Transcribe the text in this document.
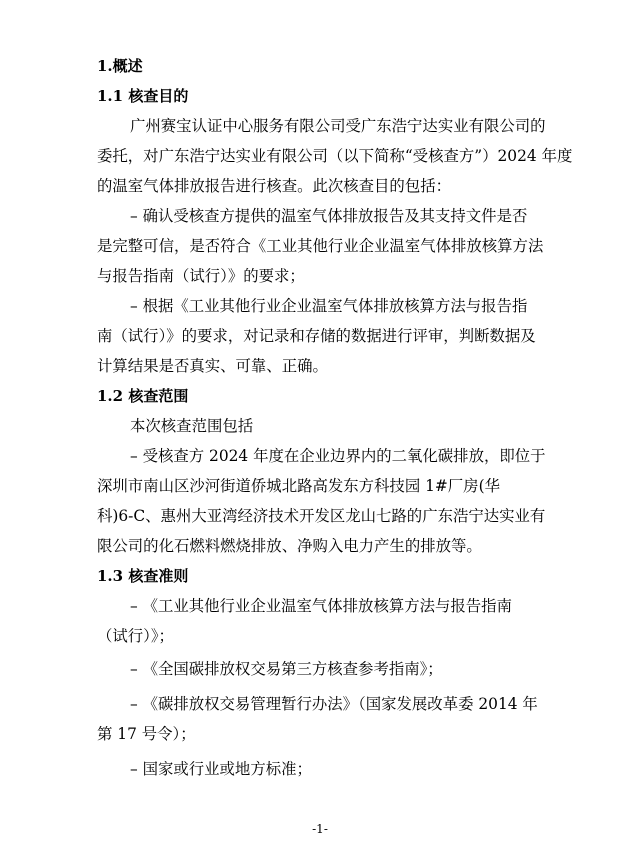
1.概述

1.1 核查目的

广州赛宝认证中心服务有限公司受广东浩宁达实业有限公司的

委托，对广东浩宁达实业有限公司（以下简称“受核查方”）2024 年度

的温室气体排放报告进行核查。此次核查目的包括：

– 确认受核查方提供的温室气体排放报告及其支持文件是否

是完整可信，是否符合《工业其他行业企业温室气体排放核算方法

与报告指南（试行）》的要求；

– 根据《工业其他行业企业温室气体排放核算方法与报告指

南（试行）》的要求，对记录和存储的数据进行评审，判断数据及

计算结果是否真实、可靠、正确。

1.2 核查范围

本次核查范围包括

– 受核查方 2024 年度在企业边界内的二氧化碳排放，即位于

深圳市南山区沙河街道侨城北路高发东方科技园 1#厂房(华

科)6-C、惠州大亚湾经济技术开发区龙山七路的广东浩宁达实业有

限公司的化石燃料燃烧排放、净购入电力产生的排放等。

1.3 核查准则

– 《工业其他行业企业温室气体排放核算方法与报告指南

（试行）》；

– 《全国碳排放权交易第三方核查参考指南》；

– 《碳排放权交易管理暂行办法》（国家发展改革委 2014 年

第 17 号令）；

– 国家或行业或地方标准；

-1-
